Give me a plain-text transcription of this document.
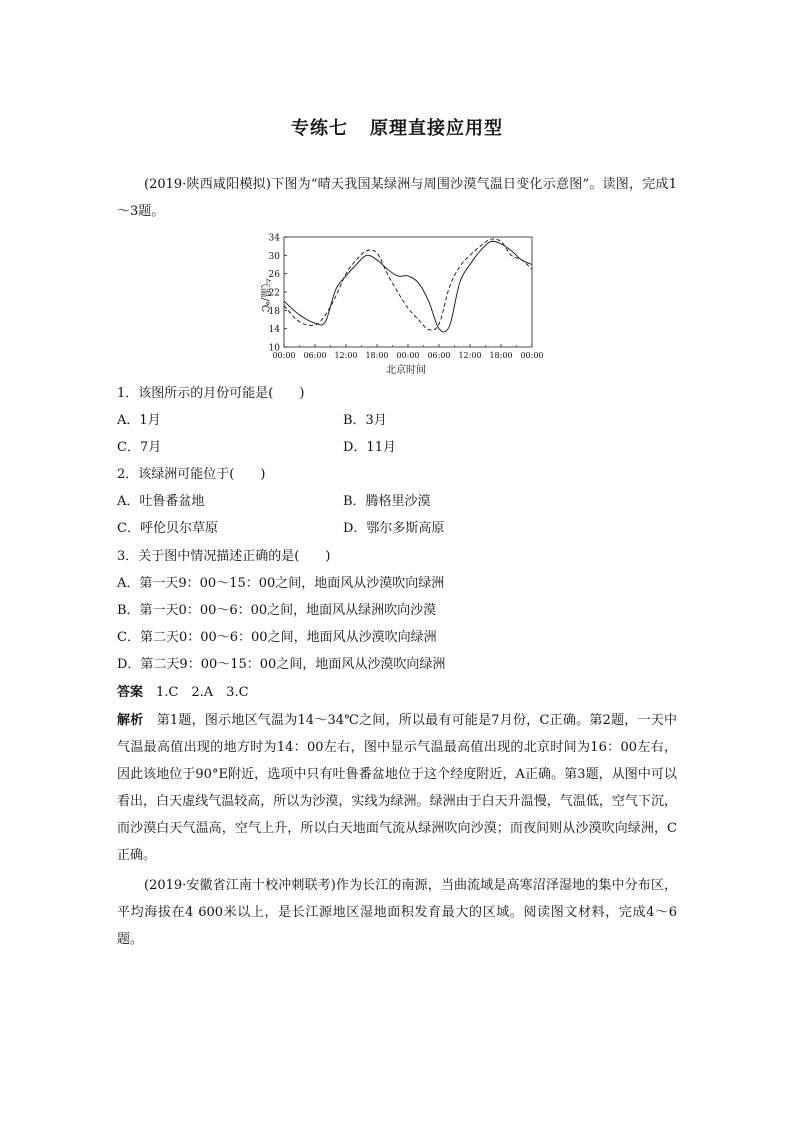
专练七 原理直接应用型
(2019·陕西咸阳模拟)下图为“晴天我国某绿洲与周围沙漠气温日变化示意图”。读图，完成1～3题。
10
14
18
22
26
30
34
00:00 06:00 12:00 18:00 00:00 06:00 12:00 18:00 00:00
气温/℃
北京时间
1．该图所示的月份可能是(　　)
A．1月	B．3月
C．7月	D．11月
2．该绿洲可能位于(　　)
A．吐鲁番盆地	B．腾格里沙漠
C．呼伦贝尔草原	D．鄂尔多斯高原
3．关于图中情况描述正确的是(　　)
A．第一天9：00～15：00之间，地面风从沙漠吹向绿洲
B．第一天0：00～6：00之间，地面风从绿洲吹向沙漠
C．第二天0：00～6：00之间，地面风从沙漠吹向绿洲
D．第二天9：00～15：00之间，地面风从沙漠吹向绿洲
答案　 1.C　2.A　3.C
解析　 第1题，图示地区气温为14～34℃之间，所以最有可能是7月份，C正确。第2题，一天中气温最高值出现的地方时为14：00左右，图中显示气温最高值出现的北京时间为16：00左右，因此该地位于90°E附近，选项中只有吐鲁番盆地位于这个经度附近，A正确。第3题，从图中可以看出，白天虚线气温较高，所以为沙漠，实线为绿洲。绿洲由于白天升温慢，气温低，空气下沉，而沙漠白天气温高，空气上升，所以白天地面气流从绿洲吹向沙漠；而夜间则从沙漠吹向绿洲，C正确。
(2019·安徽省江南十校冲刺联考)作为长江的南源，当曲流域是高寒沼泽湿地的集中分布区，平均海拔在4 600米以上，是长江源地区湿地面积发育最大的区域。阅读图文材料，完成4～6题。
